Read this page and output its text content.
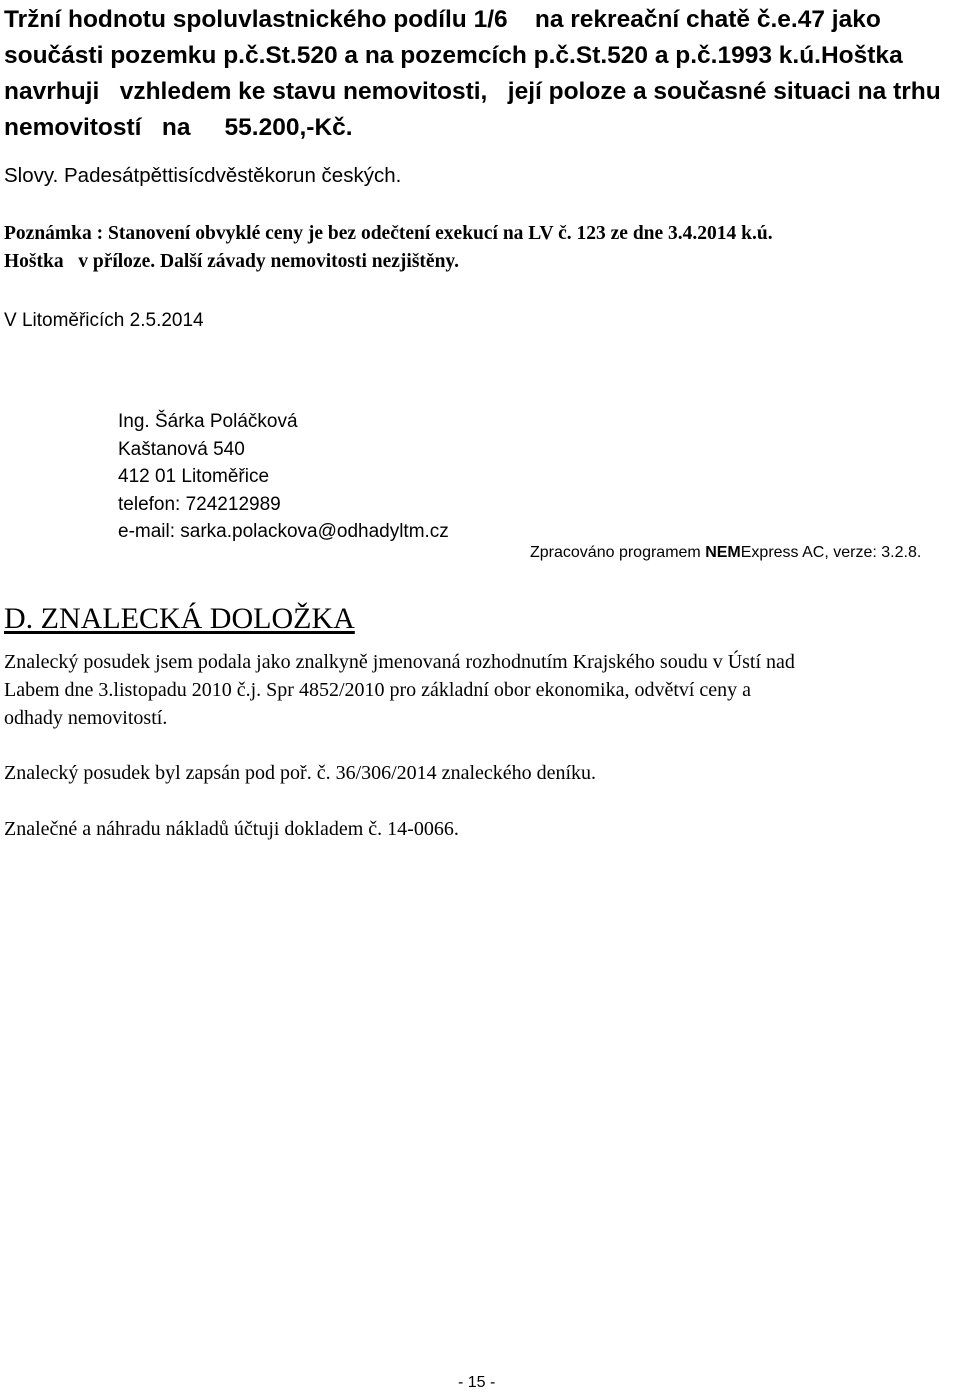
Tržní hodnotu spoluvlastnického podílu 1/6    na rekreační chatě č.e.47 jako
součásti pozemku p.č.St.520 a na pozemcích p.č.St.520 a p.č.1993 k.ú.Hoštka
navrhuji   vzhledem ke stavu nemovitosti,   její poloze a současné situaci na trhu
nemovitostí   na     55.200,-Kč.
Slovy. Padesátpěttisícdvěstěkorun českých.
Poznámka : Stanovení obvyklé ceny je bez odečtení exekucí na LV č. 123 ze dne 3.4.2014 k.ú.
Hoštka   v příloze. Další závady nemovitosti nezjištěny.
V Litoměřicích 2.5.2014
Ing. Šárka Poláčková
Kaštanová 540
412 01 Litoměřice
telefon: 724212989
e-mail: sarka.polackova@odhadyltm.cz
Zpracováno programem NEMExpress AC, verze: 3.2.8.
D. ZNALECKÁ DOLOŽKA
Znalecký posudek jsem podala jako znalkyně jmenovaná rozhodnutím Krajského soudu v Ústí nad
Labem dne 3.listopadu 2010 č.j. Spr 4852/2010 pro základní obor ekonomika, odvětví ceny a
odhady nemovitostí.
Znalecký posudek byl zapsán pod poř. č. 36/306/2014 znaleckého deníku.
Znalečné a náhradu nákladů účtuji dokladem č. 14-0066.
- 15 -
